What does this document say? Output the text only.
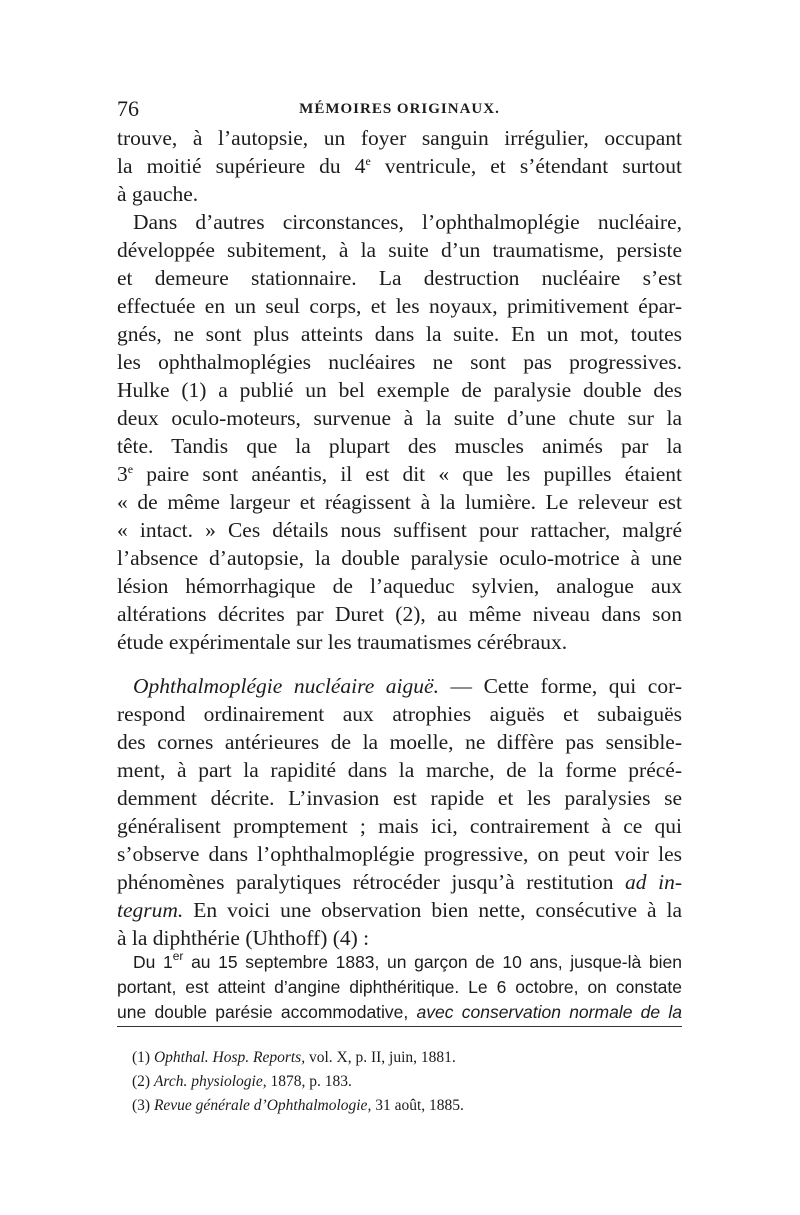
76	MÉMOIRES ORIGINAUX.
trouve, à l’autopsie, un foyer sanguin irrégulier, occupant
la moitié supérieure du 4e ventricule, et s’étendant surtout
à gauche.
Dans d’autres circonstances, l’ophthalmoplégie nucléaire,
développée subitement, à la suite d’un traumatisme, persiste
et demeure stationnaire. La destruction nucléaire s’est
effectuée en un seul corps, et les noyaux, primitivement épar-
gnés, ne sont plus atteints dans la suite. En un mot, toutes
les ophthalmoplégies nucléaires ne sont pas progressives.
Hulke (1) a publié un bel exemple de paralysie double des
deux oculo-moteurs, survenue à la suite d’une chute sur la
tête. Tandis que la plupart des muscles animés par la
3e paire sont anéantis, il est dit « que les pupilles étaient
« de même largeur et réagissent à la lumière. Le releveur est
« intact. » Ces détails nous suffisent pour rattacher, malgré
l’absence d’autopsie, la double paralysie oculo-motrice à une
lésion hémorrhagique de l’aqueduc sylvien, analogue aux
altérations décrites par Duret (2), au même niveau dans son
étude expérimentale sur les traumatismes cérébraux.
Ophthalmoplégie nucléaire aiguë. — Cette forme, qui cor-
respond ordinairement aux atrophies aiguës et subaiguës
des cornes antérieures de la moelle, ne diffère pas sensible-
ment, à part la rapidité dans la marche, de la forme précé-
demment décrite. L’invasion est rapide et les paralysies se
généralisent promptement ; mais ici, contrairement à ce qui
s’observe dans l’ophthalmoplégie progressive, on peut voir les
phénomènes paralytiques rétrocéder jusqu’à restitution ad in-
tegrum. En voici une observation bien nette, consécutive à la
à la diphthérie (Uhthoff) (4) :
Du 1er au 15 septembre 1883, un garçon de 10 ans, jusque-là bien
portant, est atteint d’angine diphthéritique. Le 6 octobre, on constate
une double parésie accommodative, avec conservation normale de la
(1) Ophthal. Hosp. Reports, vol. X, p. II, juin, 1881.
(2) Arch. physiologie, 1878, p. 183.
(3) Revue générale d’Ophthalmologie, 31 août, 1885.
